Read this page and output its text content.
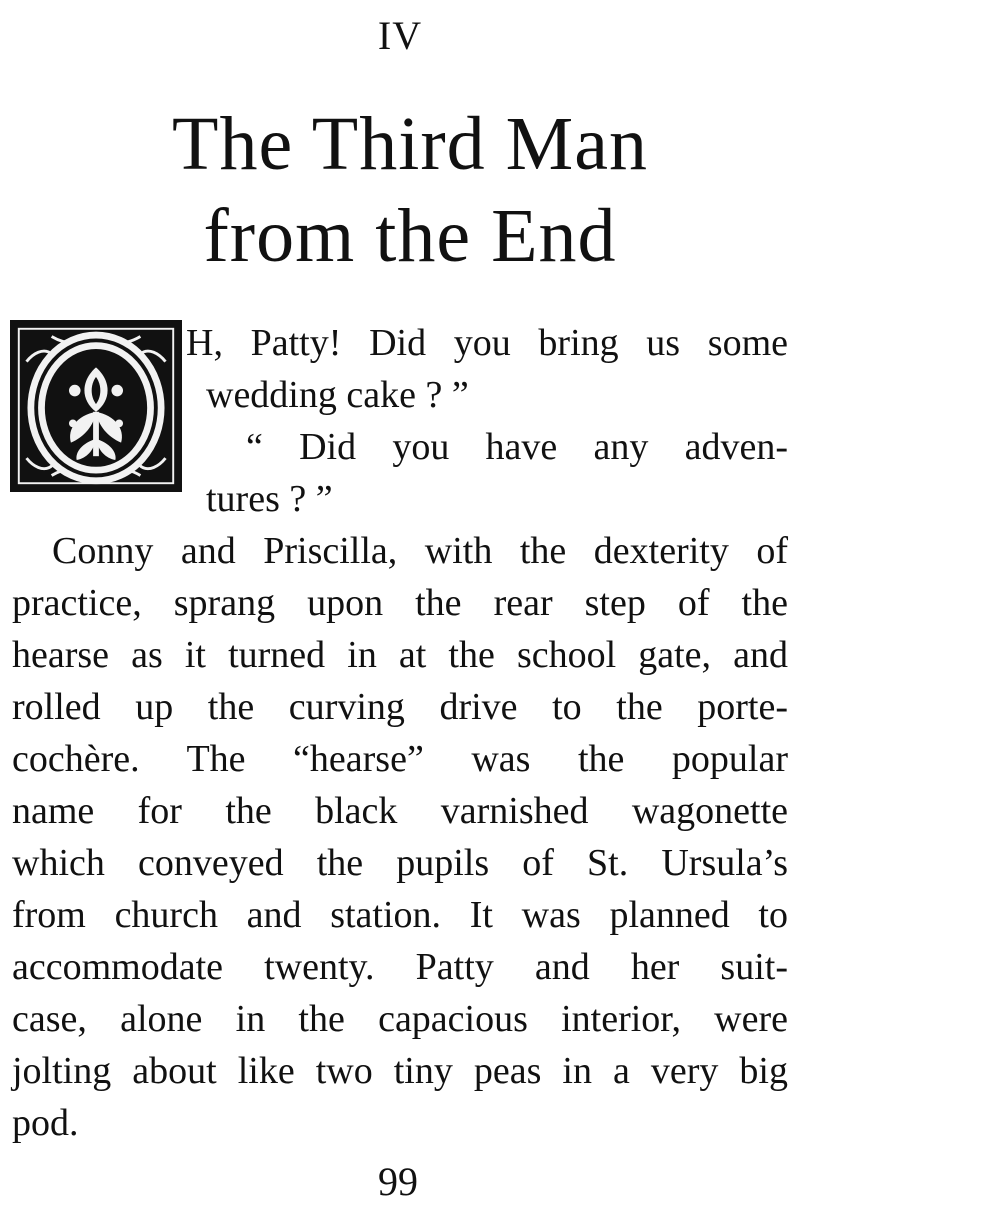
IV
The Third Man
from the End
H, Patty! Did you bring us some
wedding cake ? ”
“ Did you have any adven-
tures ? ”
Conny and Priscilla, with the dexterity of
practice, sprang upon the rear step of the
hearse as it turned in at the school gate, and
rolled up the curving drive to the porte-
cochère. The “hearse” was the popular
name for the black varnished wagonette
which conveyed the pupils of St. Ursula’s
from church and station. It was planned to
accommodate twenty. Patty and her suit-
case, alone in the capacious interior, were
jolting about like two tiny peas in a very big
pod.
99
